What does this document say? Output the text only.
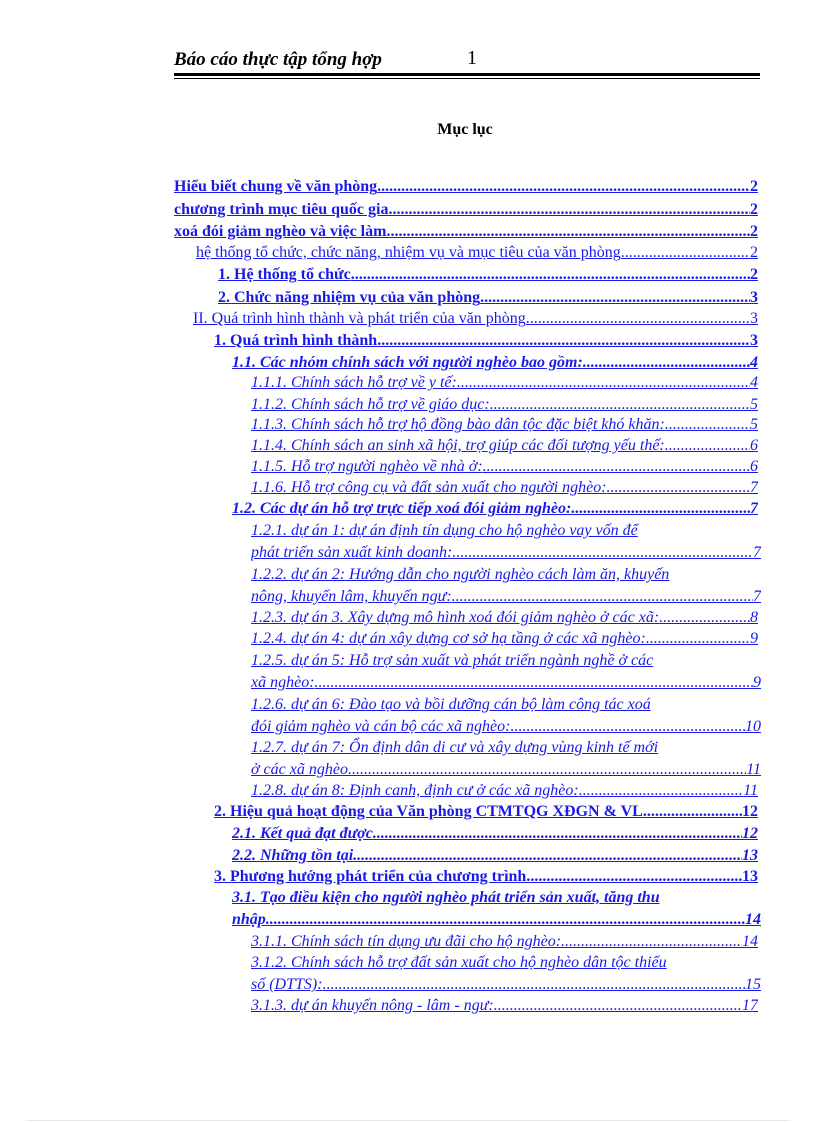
Báo cáo thực tập tổng hợp	1
Mục lục
Hiểu biết chung về văn phòng .....	2
chương trình mục tiêu quốc gia .....	2
xoá đói giảm nghèo và việc làm .....	2
hệ thống tổ chức, chức năng, nhiệm vụ và mục tiêu của văn phòng .....	2
1. Hệ thống tổ chức .....	2
2. Chức năng nhiệm vụ của văn phòng .....	3
II. Quá trình hình thành và phát triển của văn phòng .....	3
1. Quá trình hình thành .....	3
1.1. Các nhóm chính sách với người nghèo bao gồm: .....	4
1.1.1. Chính sách hỗ trợ về y tế: .....	4
1.1.2. Chính sách hỗ trợ về giáo dục: .....	5
1.1.3. Chính sách hỗ trợ hộ đồng bào dân tộc đặc biệt khó khăn: .....	5
1.1.4. Chính sách an sinh xã hội, trợ giúp các đối tượng yếu thế: .....	6
1.1.5. Hỗ trợ người nghèo về nhà ở: .....	6
1.1.6. Hỗ trợ công cụ và đất sản xuất cho người nghèo: .....	7
1.2. Các dự án hỗ trợ trực tiếp xoá đói giảm nghèo: .....	7
1.2.1. dự án 1: dự án định tín dụng cho hộ nghèo vay vốn để
phát triển sản xuất kinh doanh: .....	7
1.2.2. dự án 2: Hướng dẫn cho người nghèo cách làm ăn, khuyến
nông, khuyến lâm, khuyến ngư: .....	7
1.2.3. dự án 3. Xây dựng mô hình xoá đói giảm nghèo ở các xã: .....	8
1.2.4. dự án 4: dự án xây dựng cơ sở hạ tầng ở các xã nghèo: .....	9
1.2.5. dự án 5: Hỗ trợ sản xuất và phát triển ngành nghề ở các
xã nghèo: .....	9
1.2.6. dự án 6: Đào tạo và bồi dưỡng cán bộ làm công tác xoá
đói giảm nghèo và cán bộ các xã nghèo: .....	10
1.2.7. dự án 7: Ổn định dân di cư và xây dựng vùng kinh tế mới
ở các xã nghèo .....	11
1.2.8. dự án 8: Định canh, định cư ở các xã nghèo: .....	11
2. Hiệu quả hoạt động của Văn phòng CTMTQG XĐGN & VL .....	12
2.1. Kết quả đạt được .....	12
2.2. Những tồn tại .....	13
3. Phương hướng phát triển của chương trình. .....	13
3.1. Tạo điều kiện cho người nghèo phát triển sản xuất, tăng thu
nhập .....	14
3.1.1. Chính sách tín dụng ưu đãi cho hộ nghèo: .....	14
3.1.2. Chính sách hỗ trợ đất sản xuất cho hộ nghèo dân tộc thiểu
số (DTTS): .....	15
3.1.3. dự án khuyến nông - lâm - ngư: .....	17
